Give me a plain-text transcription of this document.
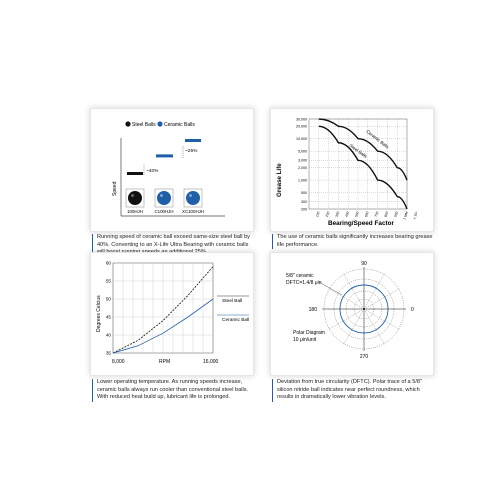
Steel Balls Ceramic Balls
Speed
~40%
~25%
100HJH	C100HJH XC100HJH
Running speed of ceramic ball exceed same-size steel ball by 40%. Converting to an X-Life Ultra Bearing with ceramic balls
30,000
20,000
10,000
5,000
3,000
2,000
1,000
500
300
200
100 200 300 400 500 600 700 800 900 1 MM x 10⁶
Grease Life
Bearing/Speed Factor
Ceramic Balls
Steel Balls
The use of ceramic balls significantly increases bearing grease life performance.
60
55
50
45
40
35
Degrees Celcius
8,000	RPM	16,000
Steel Ball
Ceramic Ball
Lower operating temperature. As running speeds increase, ceramic balls always run cooler than conventional steel balls. With reduced heat build up, lubricant life is prolonged.
90
180	0
270
5/8" ceramic
DFTC=1.4/8 μin
Polar Diagram
10 μin/unit
Deviation from true circularity (DFTC). Polar trace of a 5/8" silicon nitride ball indicates near perfect roundness, which results in dramatically lower vibration levels.
